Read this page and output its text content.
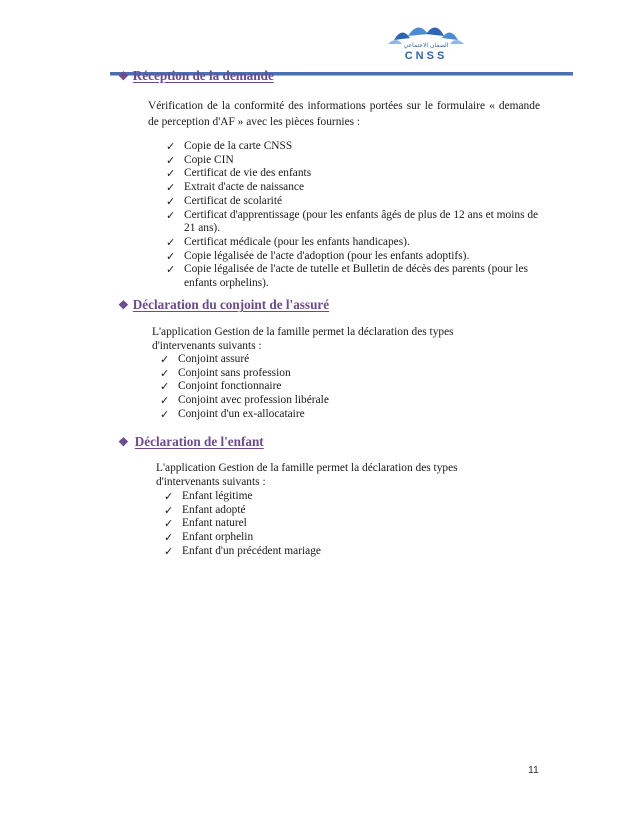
الضمان الاجتماعي
CNSS
❖ Réception de la demande
Vérification de la conformité des informations portées sur le formulaire « demande de perception d'AF » avec les pièces fournies :
✓ Copie de la carte CNSS
✓ Copie CIN
✓ Certificat de vie des enfants
✓ Extrait d'acte de naissance
✓ Certificat de scolarité
✓ Certificat d'apprentissage (pour les enfants âgés de plus de 12 ans et moins de 21 ans).
✓ Certificat médicale (pour les enfants handicapes).
✓ Copie légalisée de l'acte d'adoption (pour les enfants adoptifs).
✓ Copie légalisée de l'acte de tutelle et Bulletin de décès des parents (pour les enfants orphelins).
❖ Déclaration du conjoint de l'assuré
L'application Gestion de la famille permet la déclaration des types d'intervenants suivants :
✓ Conjoint assuré
✓ Conjoint sans profession
✓ Conjoint fonctionnaire
✓ Conjoint avec profession libérale
✓ Conjoint d'un ex-allocataire
❖ Déclaration de l'enfant
L'application Gestion de la famille permet la déclaration des types d'intervenants suivants :
✓ Enfant légitime
✓ Enfant adopté
✓ Enfant naturel
✓ Enfant orphelin
✓ Enfant d'un précédent mariage
11
